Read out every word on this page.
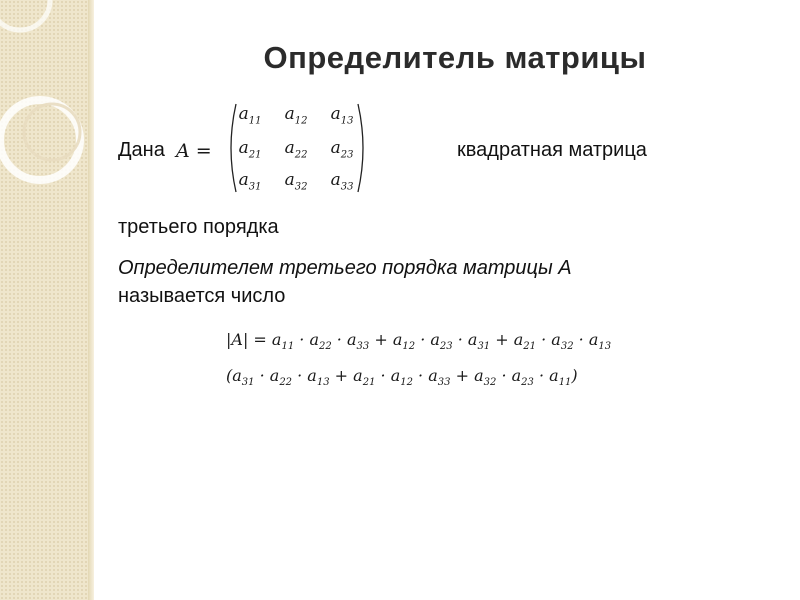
Определитель матрицы
Дана A =
$a_{11}$	$a_{12}$	$a_{13}$
$a_{21}$	$a_{22}$	$a_{23}$
$a_{31}$	$a_{32}$	$a_{33}$
квадратная матрица
третьего порядка
Определителем третьего порядка матрицы А
называется число
$|A| = a_{11} \cdot a_{22} \cdot a_{33} + a_{12} \cdot a_{23} \cdot a_{31} + a_{21} \cdot a_{32} \cdot a_{13}$
$(a_{31} \cdot a_{22} \cdot a_{13} + a_{21} \cdot a_{12} \cdot a_{33} + a_{32} \cdot a_{23} \cdot a_{11})$
